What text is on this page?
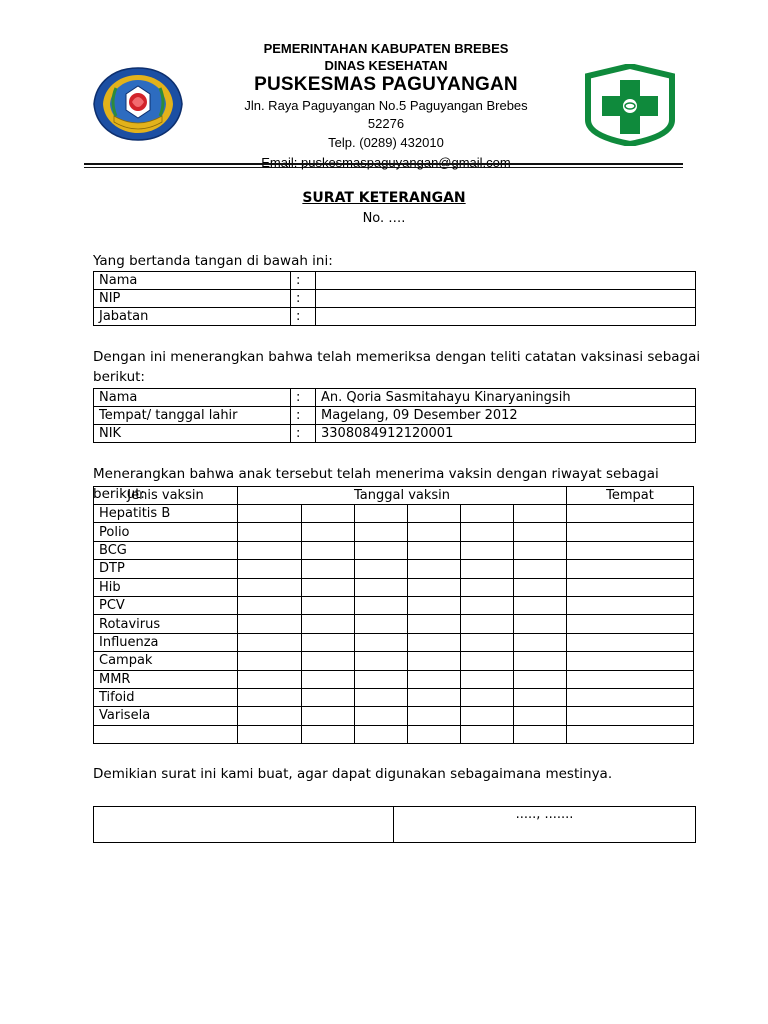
PEMERINTAHAN KABUPATEN BREBES
DINAS KESEHATAN
PUSKESMAS PAGUYANGAN
Jln. Raya Paguyangan No.5 Paguyangan Brebes
52276
Telp. (0289) 432010
SURAT KETERANGAN
No. ….
Yang bertanda tangan di bawah ini:
Nama	:	
NIP	:	
Jabatan	:	
Dengan ini menerangkan bahwa telah memeriksa dengan teliti catatan vaksinasi sebagai
berikut:
Nama	:	An. Qoria Sasmitahayu Kinaryaningsih
Tempat/ tanggal lahir	:	Magelang, 09 Desember 2012
NIK	:	3308084912120001
Menerangkan bahwa anak tersebut telah menerima vaksin dengan riwayat sebagai berikut:
Jenis vaksin	Tanggal vaksin						Tempat
Hepatitis B							
Polio							
BCG							
DTP							
Hib							
PCV							
Rotavirus							
Influenza							
Campak							
MMR							
Tifoid							
Varisela							

Demikian surat ini kami buat, agar dapat digunakan sebagaimana mestinya.
	....., .......
